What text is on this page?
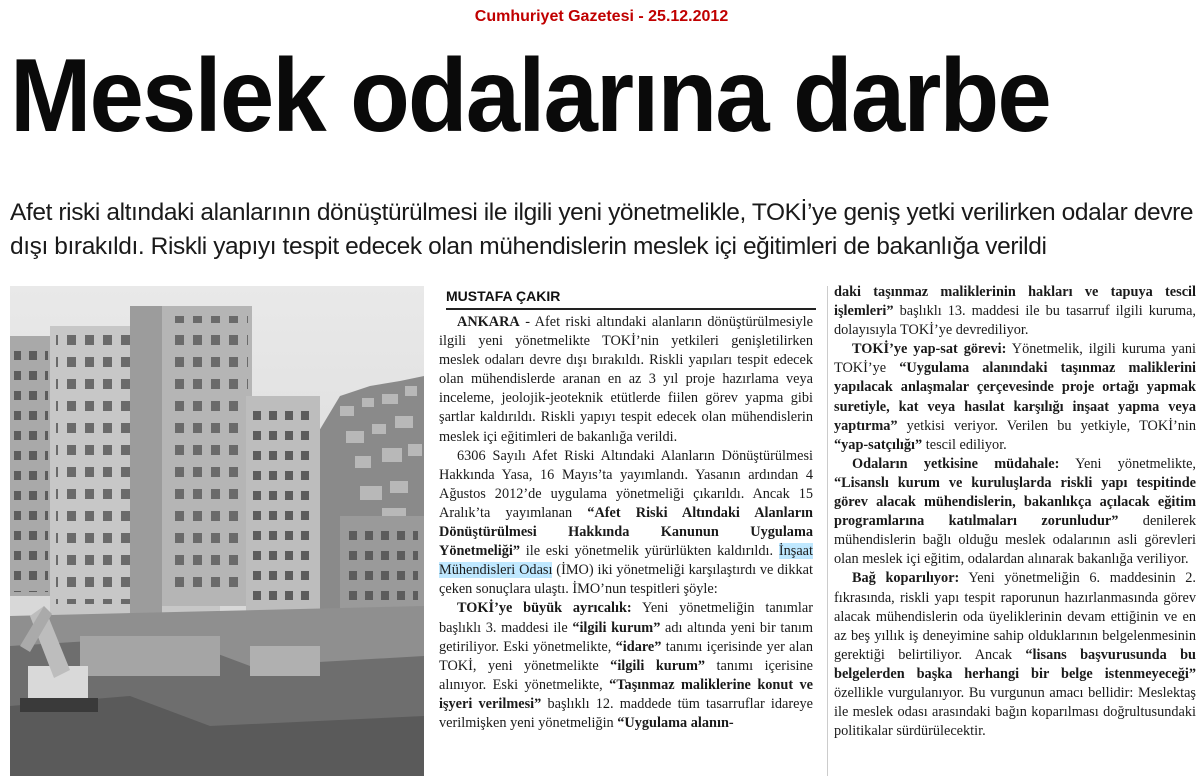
Cumhuriyet Gazetesi - 25.12.2012
Meslek odalarına darbe
Afet riski altındaki alanlarının dönüştürülmesi ile ilgili yeni yönetmelikle, TOKİ’ye geniş yetki verilirken odalar devre dışı bırakıldı. Riskli yapıyı tespit edecek olan mühendislerin meslek içi eğitimleri de bakanlığa verildi
MUSTAFA ÇAKIR

ANKARA - Afet riski altındaki alanların dönüştürülmesiyle ilgili yeni yönetmelikte TOKİ’nin yetkileri genişletilirken meslek odaları devre dışı bırakıldı. Riskli yapıları tespit edecek olan mühendislerde aranan en az 3 yıl proje hazırlama veya inceleme, jeolojik-jeoteknik etütlerde fiilen görev yapma gibi şartlar kaldırıldı. Riskli yapıyı tespit edecek olan mühendislerin meslek içi eğitimleri de bakanlığa verildi.

6306 Sayılı Afet Riski Altındaki Alanların Dönüştürülmesi Hakkında Yasa, 16 Mayıs’ta yayımlandı. Yasanın ardından 4 Ağustos 2012’de uygulama yönetmeliği çıkarıldı. Ancak 15 Aralık’ta yayımlanan “Afet Riski Altındaki Alanların Dönüştürülmesi Hakkında Kanunun Uygulama Yönetmeliği” ile eski yönetmelik yürürlükten kaldırıldı. İnşaat Mühendisleri Odası (İMO) iki yönetmeliği karşılaştırdı ve dikkat çeken sonuçlara ulaştı. İMO’nun tespitleri şöyle:

TOKİ’ye büyük ayrıcalık: Yeni yönetmeliğin tanımlar başlıklı 3. maddesi ile “ilgili kurum” adı altında yeni bir tanım getiriliyor. Eski yönetmelikte, “idare” tanımı içerisinde yer alan TOKİ, yeni yönetmelikte “ilgili kurum” tanımı içerisine alınıyor. Eski yönetmelikte, “Taşınmaz maliklerine konut ve işyeri verilmesi” başlıklı 12. maddede tüm tasarruflar idareye verilmişken yeni yönetmeliğin “Uygulama alanın-

daki taşınmaz maliklerinin hakları ve tapuya tescil işlemleri” başlıklı 13. maddesi ile bu tasarruf ilgili kuruma, dolayısıyla TOKİ’ye devrediliyor.

TOKİ’ye yap-sat görevi: Yönetmelik, ilgili kuruma yani TOKİ’ye “Uygulama alanındaki taşınmaz maliklerini yapılacak anlaşmalar çerçevesinde proje ortağı yapmak suretiyle, kat veya hasılat karşılığı inşaat yapma veya yaptırma” yetkisi veriyor. Verilen bu yetkiyle, TOKİ’nin “yap-satçılığı” tescil ediliyor.

Odaların yetkisine müdahale: Yeni yönetmelikte, “Lisanslı kurum ve kuruluşlarda riskli yapı tespitinde görev alacak mühendislerin, bakanlıkça açılacak eğitim programlarına katılmaları zorunludur” denilerek mühendislerin bağlı olduğu meslek odalarının asli görevleri olan meslek içi eğitim, odalardan alınarak bakanlığa veriliyor.

Bağ koparılıyor: Yeni yönetmeliğin 6. maddesinin 2. fıkrasında, riskli yapı tespit raporunun hazırlanmasında görev alacak mühendislerin oda üyeliklerinin devam ettiğinin ve en az beş yıllık iş deneyimine sahip olduklarının belgelenmesinin gerektiği belirtiliyor. Ancak “lisans başvurusunda bu belgelerden başka herhangi bir belge istenmeyeceği” özellikle vurgulanıyor. Bu vurgunun amacı bellidir: Meslektaş ile meslek odası arasındaki bağın koparılması doğrultusundaki politikalar sürdürülecektir.
